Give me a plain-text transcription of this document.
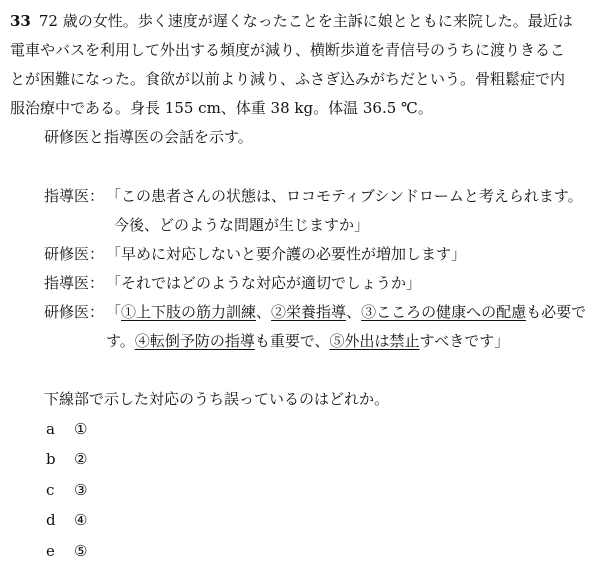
33 72 歳の女性。歩く速度が遅くなったことを主訴に娘とともに来院した。最近は
電車やバスを利用して外出する頻度が減り、横断歩道を青信号のうちに渡りきるこ
とが困難になった。食欲が以前より減り、ふさぎ込みがちだという。骨粗鬆症で内
服治療中である。身長 155 cm、体重 38 kg。体温 36.5 ℃。
研修医と指導医の会話を示す。
指導医： 「この患者さんの状態は、ロコモティブシンドロームと考えられます。
今後、どのような問題が生じますか」
研修医： 「早めに対応しないと要介護の必要性が増加します」
指導医： 「それではどのような対応が適切でしょうか」
研修医： 「①上下肢の筋力訓練、②栄養指導、③こころの健康への配慮も必要で
す。④転倒予防の指導も重要で、⑤外出は禁止すべきです」
下線部で示した対応のうち誤っているのはどれか。
a	①
b	②
c	③
d	④
e	⑤
